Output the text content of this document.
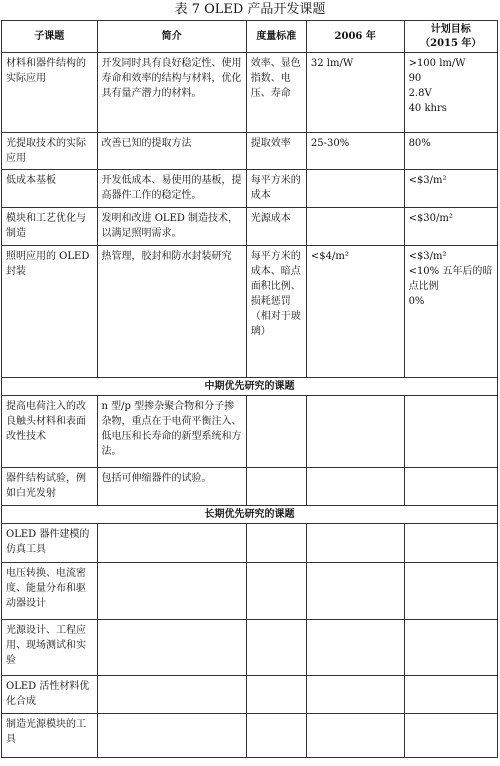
表 7 OLED 产品开发课题
子课题	简介	度量标准	2006 年	计划目标
（2015 年）
材料和器件结构的实际应用	开发同时具有良好稳定性、使用寿命和效率的结构与材料，优化具有量产潜力的材料。	效率、显色指数、电压、寿命	32 lm/W	>100 lm/W
90
2.8V
40 khrs
光提取技术的实际应用	改善已知的提取方法	提取效率	25-30%	80%
低成本基板	开发低成本、易使用的基板，提高器件工作的稳定性。	每平方米的成本		<$3/m²
模块和工艺优化与制造	发明和改进 OLED 制造技术，以满足照明需求。	光源成本		<$30/m²
照明应用的 OLED 封装	热管理，胶封和防水封装研究	每平方米的成本、暗点面积比例、损耗惩罚（相对于玻璃）	<$4/m²	<$3/m²
<10% 五年后的暗点比例
0%
中期优先研究的课题				
提高电荷注入的改良触头材料和表面改性技术	n 型/p 型掺杂聚合物和分子掺杂物，重点在于电荷平衡注入、低电压和长寿命的新型系统和方法。			
器件结构试验，例如白光发射	包括可伸缩器件的试验。			
长期优先研究的课题				
OLED 器件建模的仿真工具				
电压转换、电流密度、能量分布和驱动器设计				
光源设计、工程应用、现场测试和实验				
OLED 活性材料优化合成				
制造光源模块的工具				
